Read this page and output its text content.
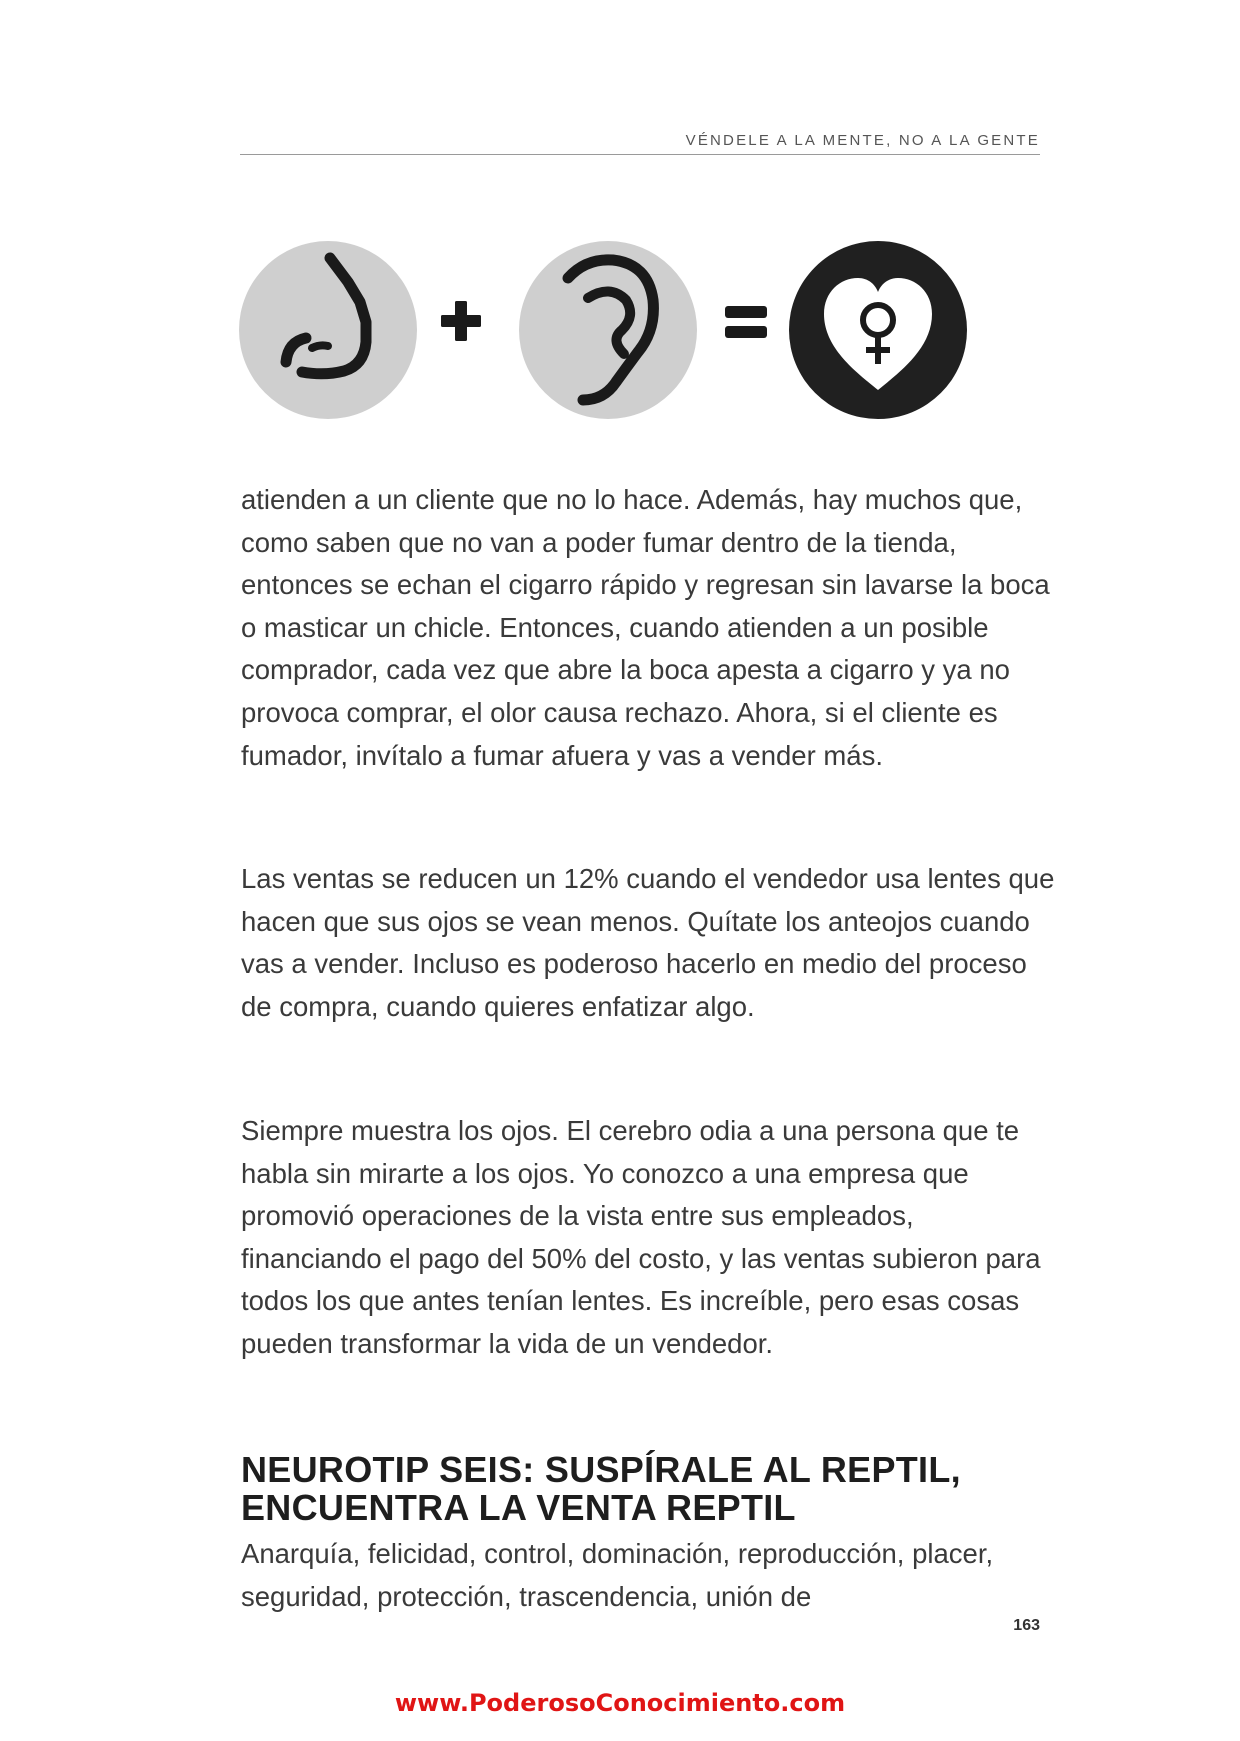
VÉNDELE A LA MENTE, NO A LA GENTE

atienden a un cliente que no lo hace. Además, hay muchos que, como saben que no van a poder fumar dentro de la tienda, entonces se echan el cigarro rápido y regresan sin lavarse la boca o masticar un chicle. Entonces, cuando atienden a un posible comprador, cada vez que abre la boca apesta a cigarro y ya no provoca comprar, el olor causa rechazo. Ahora, si el cliente es fumador, invítalo a fumar afuera y vas a vender más.

Las ventas se reducen un 12% cuando el vendedor usa lentes que hacen que sus ojos se vean menos. Quítate los anteojos cuando vas a vender. Incluso es poderoso hacerlo en medio del proceso de compra, cuando quieres enfatizar algo.

Siempre muestra los ojos. El cerebro odia a una persona que te habla sin mirarte a los ojos. Yo conozco a una empresa que promovió operaciones de la vista entre sus empleados, financiando el pago del 50% del costo, y las ventas subieron para todos los que antes tenían lentes. Es increíble, pero esas cosas pueden transformar la vida de un vendedor.

NEUROTIP SEIS: SUSPÍRALE AL REPTIL,
ENCUENTRA LA VENTA REPTIL
Anarquía, felicidad, control, dominación, reproducción, placer, seguridad, protección, trascendencia, unión de
163
www.PoderosoConocimiento.com
